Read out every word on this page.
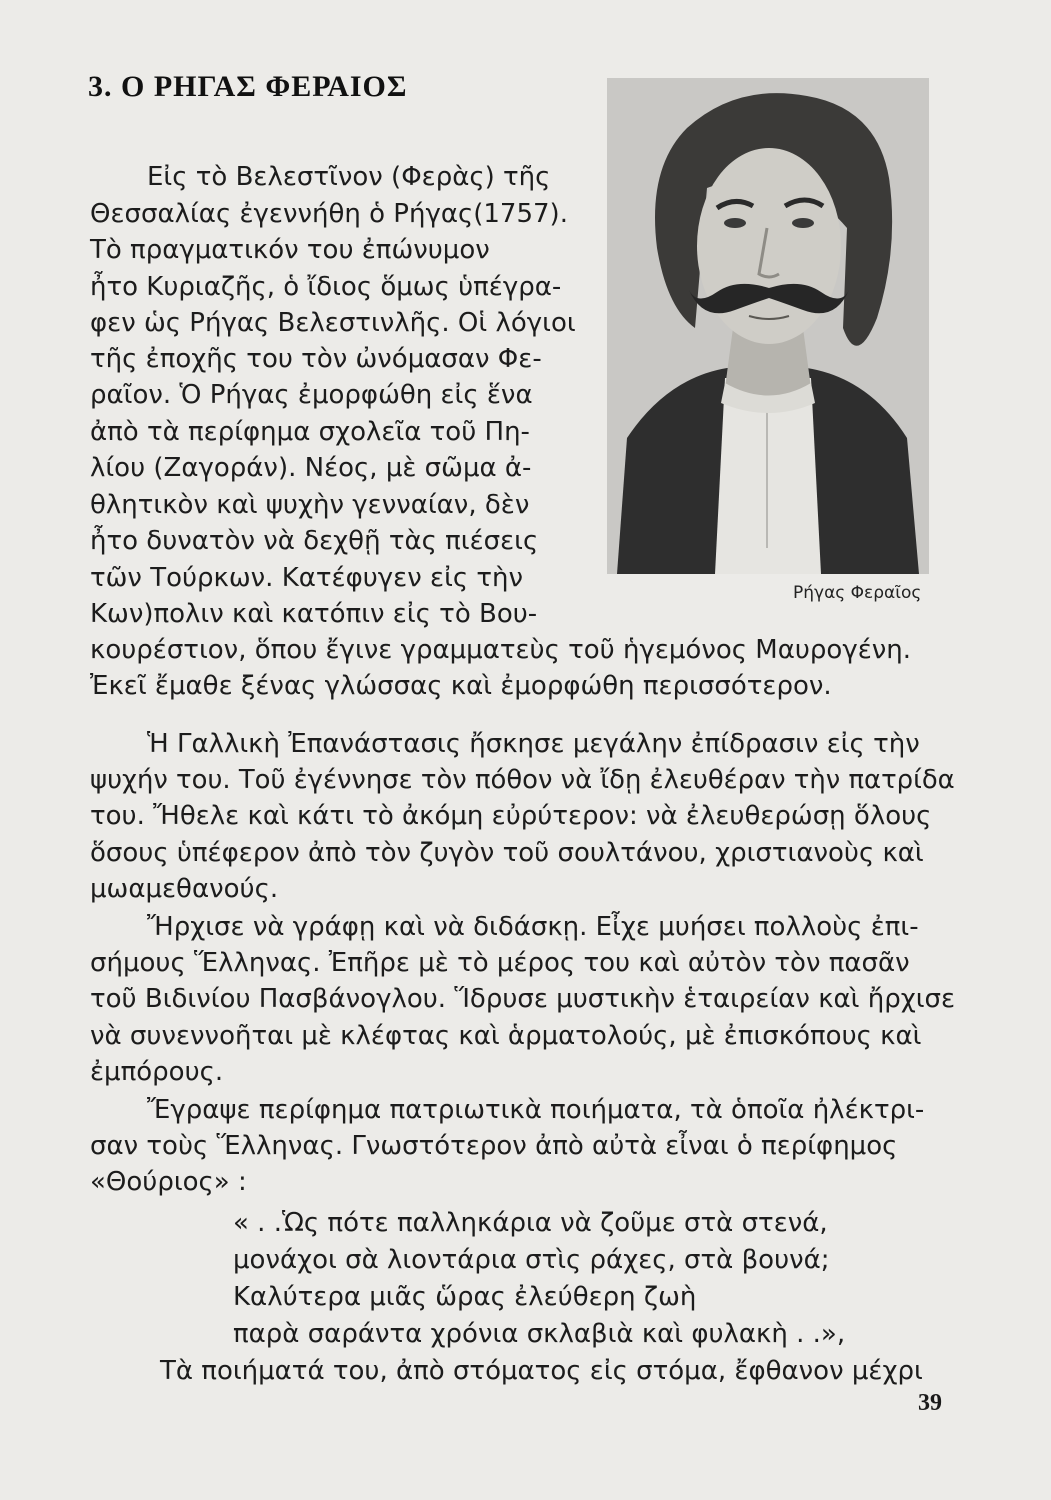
3. Ο ΡΗΓΑΣ ΦΕΡΑΙΟΣ
Ρήγας Φεραῖος
Εἰς τὸ Βελεστῖνον (Φερὰς) τῆς
Θεσσαλίας ἐγεννήθη ὁ Ρήγας(1757).
Τὸ πραγματικόν του ἐπώνυμον
ἦτο Κυριαζῆς, ὁ ἴδιος ὅμως ὑπέγρα-
φεν ὡς Ρήγας Βελεστινλῆς. Οἱ λόγιοι
τῆς ἐποχῆς του τὸν ὠνόμασαν Φε-
ραῖον. Ὁ Ρήγας ἐμορφώθη εἰς ἕνα
ἀπὸ τὰ περίφημα σχολεῖα τοῦ Πη-
λίου (Ζαγοράν). Νέος, μὲ σῶμα ἀ-
θλητικὸν καὶ ψυχὴν γενναίαν, δὲν
ἦτο δυνατὸν νὰ δεχθῇ τὰς πιέσεις
τῶν Τούρκων. Κατέφυγεν εἰς τὴν
Κων)πολιν καὶ κατόπιν εἰς τὸ Βου-
κουρέστιον, ὅπου ἔγινε γραμματεὺς τοῦ ἡγεμόνος Μαυρογένη.
Ἐκεῖ ἔμαθε ξένας γλώσσας καὶ ἐμορφώθη περισσότερον.
Ἡ Γαλλικὴ Ἐπανάστασις ἤσκησε μεγάλην ἐπίδρασιν εἰς τὴν
ψυχήν του. Τοῦ ἐγέννησε τὸν πόθον νὰ ἴδῃ ἐλευθέραν τὴν πατρίδα
του. Ἤθελε καὶ κάτι τὸ ἀκόμη εὐρύτερον: νὰ ἐλευθερώσῃ ὅλους
ὅσους ὑπέφερον ἀπὸ τὸν ζυγὸν τοῦ σουλτάνου, χριστιανοὺς καὶ
μωαμεθανούς.
Ἤρχισε νὰ γράφῃ καὶ νὰ διδάσκῃ. Εἶχε μυήσει πολλοὺς ἐπι-
σήμους Ἕλληνας. Ἐπῆρε μὲ τὸ μέρος του καὶ αὐτὸν τὸν πασᾶν
τοῦ Βιδινίου Πασβάνογλου. Ἵδρυσε μυστικὴν ἑταιρείαν καὶ ἤρχισε
νὰ συνεννοῆται μὲ κλέφτας καὶ ἁρματολούς, μὲ ἐπισκόπους καὶ
ἐμπόρους.
Ἔγραψε περίφημα πατριωτικὰ ποιήματα, τὰ ὁποῖα ἠλέκτρι-
σαν τοὺς Ἕλληνας. Γνωστότερον ἀπὸ αὐτὰ εἶναι ὁ περίφημος
«Θούριος» :
« . .Ὡς πότε παλληκάρια νὰ ζοῦμε στὰ στενά,
μονάχοι σὰ λιοντάρια στὶς ράχες, στὰ βουνά;
Καλύτερα μιᾶς ὥρας ἐλεύθερη ζωὴ
παρὰ σαράντα χρόνια σκλαβιὰ καὶ φυλακὴ . .»,
Τὰ ποιήματά του, ἀπὸ στόματος εἰς στόμα, ἔφθανον μέχρι
39
